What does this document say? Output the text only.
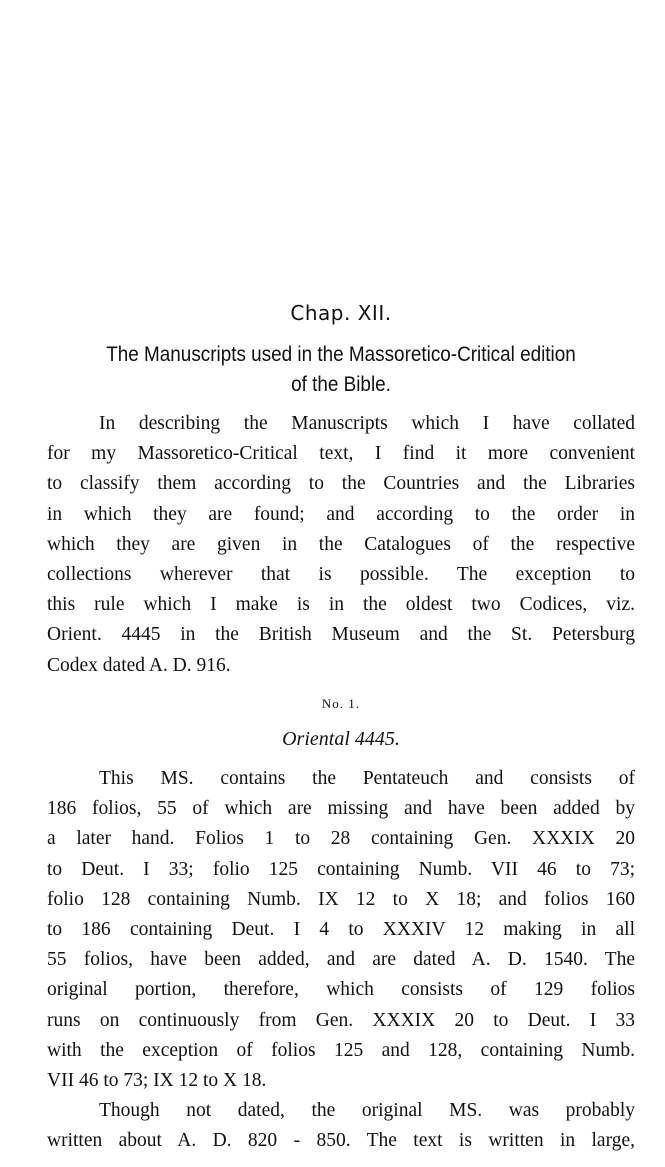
Chap. XII.
The Manuscripts used in the Massoretico-Critical edition
of the Bible.
In describing the Manuscripts which I have collated
for my Massoretico-Critical text, I find it more convenient
to classify them according to the Countries and the Libraries
in which they are found; and according to the order in
which they are given in the Catalogues of the respective
collections wherever that is possible. The exception to
this rule which I make is in the oldest two Codices, viz.
Orient. 4445 in the British Museum and the St. Petersburg
Codex dated A. D. 916.
No. 1.
Oriental 4445.
This MS. contains the Pentateuch and consists of
186 folios, 55 of which are missing and have been added by
a later hand. Folios 1 to 28 containing Gen. XXXIX 20
to Deut. I 33; folio 125 containing Numb. VII 46 to 73;
folio 128 containing Numb. IX 12 to X 18; and folios 160
to 186 containing Deut. I 4 to XXXIV 12 making in all
55 folios, have been added, and are dated A. D. 1540. The
original portion, therefore, which consists of 129 folios
runs on continuously from Gen. XXXIX 20 to Deut. I 33
with the exception of folios 125 and 128, containing Numb.
VII 46 to 73; IX 12 to X 18.
Though not dated, the original MS. was probably
written about A. D. 820 - 850. The text is written in large,
